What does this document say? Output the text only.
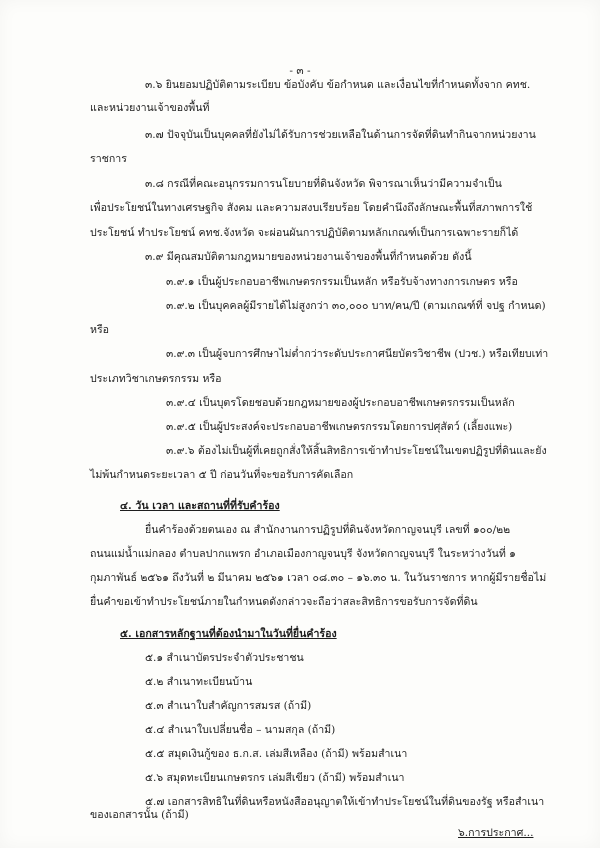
- ๓ -
๓.๖ ยินยอมปฏิบัติตามระเบียบ ข้อบังคับ ข้อกำหนด และเงื่อนไขที่กำหนดทั้งจาก คทช.
และหน่วยงานเจ้าของพื้นที่
๓.๗ ปัจจุบันเป็นบุคคลที่ยังไม่ได้รับการช่วยเหลือในด้านการจัดที่ดินทำกินจากหน่วยงาน
ราชการ
๓.๘ กรณีที่คณะอนุกรรมการนโยบายที่ดินจังหวัด พิจารณาเห็นว่ามีความจำเป็น
เพื่อประโยชน์ในทางเศรษฐกิจ สังคม และความสงบเรียบร้อย โดยคำนึงถึงลักษณะพื้นที่สภาพการใช้
ประโยชน์ ทำประโยชน์ คทช.จังหวัด จะผ่อนผันการปฏิบัติตามหลักเกณฑ์เป็นการเฉพาะรายก็ได้
๓.๙ มีคุณสมบัติตามกฎหมายของหน่วยงานเจ้าของพื้นที่กำหนดด้วย ดังนี้
๓.๙.๑ เป็นผู้ประกอบอาชีพเกษตรกรรมเป็นหลัก หรือรับจ้างทางการเกษตร หรือ
๓.๙.๒ เป็นบุคคลผู้มีรายได้ไม่สูงกว่า ๓๐,๐๐๐ บาท/คน/ปี (ตามเกณฑ์ที่ จปฐ กำหนด)
หรือ
๓.๙.๓ เป็นผู้จบการศึกษาไม่ต่ำกว่าระดับประกาศนียบัตรวิชาชีพ (ปวช.) หรือเทียบเท่า
ประเภทวิชาเกษตรกรรม หรือ
๓.๙.๔ เป็นบุตรโดยชอบด้วยกฎหมายของผู้ประกอบอาชีพเกษตรกรรมเป็นหลัก
๓.๙.๕ เป็นผู้ประสงค์จะประกอบอาชีพเกษตรกรรมโดยการปศุสัตว์ (เลี้ยงแพะ)
๓.๙.๖ ต้องไม่เป็นผู้ที่เคยถูกสั่งให้สิ้นสิทธิการเข้าทำประโยชน์ในเขตปฏิรูปที่ดินและยัง
ไม่พ้นกำหนดระยะเวลา ๕ ปี ก่อนวันที่จะขอรับการคัดเลือก
๔. วัน เวลา และสถานที่ที่รับคำร้อง
ยื่นคำร้องด้วยตนเอง ณ สำนักงานการปฏิรูปที่ดินจังหวัดกาญจนบุรี เลขที่ ๑๐๐/๒๒
ถนนแม่น้ำแม่กลอง ตำบลปากแพรก อำเภอเมืองกาญจนบุรี จังหวัดกาญจนบุรี ในระหว่างวันที่ ๑
กุมภาพันธ์ ๒๕๖๑ ถึงวันที่ ๒ มีนาคม ๒๕๖๑ เวลา ๐๘.๓๐ – ๑๖.๓๐ น. ในวันราชการ หากผู้มีรายชื่อไม่
ยื่นคำขอเข้าทำประโยชน์ภายในกำหนดดังกล่าวจะถือว่าสละสิทธิการขอรับการจัดที่ดิน
๕. เอกสารหลักฐานที่ต้องนำมาในวันที่ยื่นคำร้อง
๕.๑ สำเนาบัตรประจำตัวประชาชน
๕.๒ สำเนาทะเบียนบ้าน
๕.๓ สำเนาใบสำคัญการสมรส (ถ้ามี)
๕.๔ สำเนาใบเปลี่ยนชื่อ – นามสกุล (ถ้ามี)
๕.๕ สมุดเงินกู้ของ ธ.ก.ส. เล่มสีเหลือง (ถ้ามี) พร้อมสำเนา
๕.๖ สมุดทะเบียนเกษตรกร เล่มสีเขียว (ถ้ามี) พร้อมสำเนา
๕.๗ เอกสารสิทธิในที่ดินหรือหนังสืออนุญาตให้เข้าทำประโยชน์ในที่ดินของรัฐ หรือสำเนา
ของเอกสารนั้น (ถ้ามี)
๖.การประกาศ...
